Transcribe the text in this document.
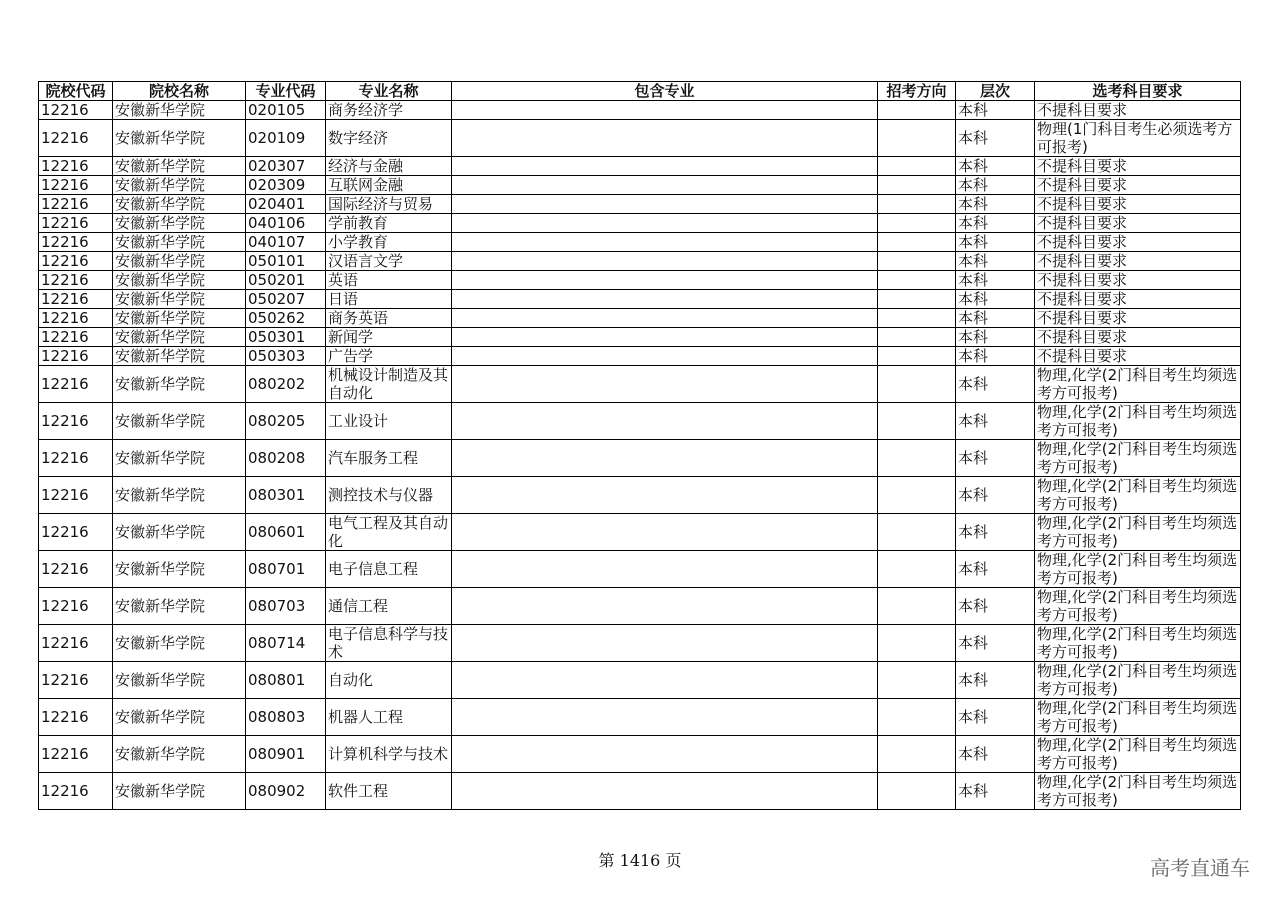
院校代码	院校名称	专业代码	专业名称	包含专业	招考方向	层次	选考科目要求
12216	安徽新华学院	020105	商务经济学			本科	不提科目要求
12216	安徽新华学院	020109	数字经济			本科	物理(1门科目考生必须选考方可报考)
12216	安徽新华学院	020307	经济与金融			本科	不提科目要求
12216	安徽新华学院	020309	互联网金融			本科	不提科目要求
12216	安徽新华学院	020401	国际经济与贸易			本科	不提科目要求
12216	安徽新华学院	040106	学前教育			本科	不提科目要求
12216	安徽新华学院	040107	小学教育			本科	不提科目要求
12216	安徽新华学院	050101	汉语言文学			本科	不提科目要求
12216	安徽新华学院	050201	英语			本科	不提科目要求
12216	安徽新华学院	050207	日语			本科	不提科目要求
12216	安徽新华学院	050262	商务英语			本科	不提科目要求
12216	安徽新华学院	050301	新闻学			本科	不提科目要求
12216	安徽新华学院	050303	广告学			本科	不提科目要求
12216	安徽新华学院	080202	机械设计制造及其自动化			本科	物理,化学(2门科目考生均须选考方可报考)
12216	安徽新华学院	080205	工业设计			本科	物理,化学(2门科目考生均须选考方可报考)
12216	安徽新华学院	080208	汽车服务工程			本科	物理,化学(2门科目考生均须选考方可报考)
12216	安徽新华学院	080301	测控技术与仪器			本科	物理,化学(2门科目考生均须选考方可报考)
12216	安徽新华学院	080601	电气工程及其自动化			本科	物理,化学(2门科目考生均须选考方可报考)
12216	安徽新华学院	080701	电子信息工程			本科	物理,化学(2门科目考生均须选考方可报考)
12216	安徽新华学院	080703	通信工程			本科	物理,化学(2门科目考生均须选考方可报考)
12216	安徽新华学院	080714	电子信息科学与技术			本科	物理,化学(2门科目考生均须选考方可报考)
12216	安徽新华学院	080801	自动化			本科	物理,化学(2门科目考生均须选考方可报考)
12216	安徽新华学院	080803	机器人工程			本科	物理,化学(2门科目考生均须选考方可报考)
12216	安徽新华学院	080901	计算机科学与技术			本科	物理,化学(2门科目考生均须选考方可报考)
12216	安徽新华学院	080902	软件工程			本科	物理,化学(2门科目考生均须选考方可报考)
第 1416 页	高考直通车
